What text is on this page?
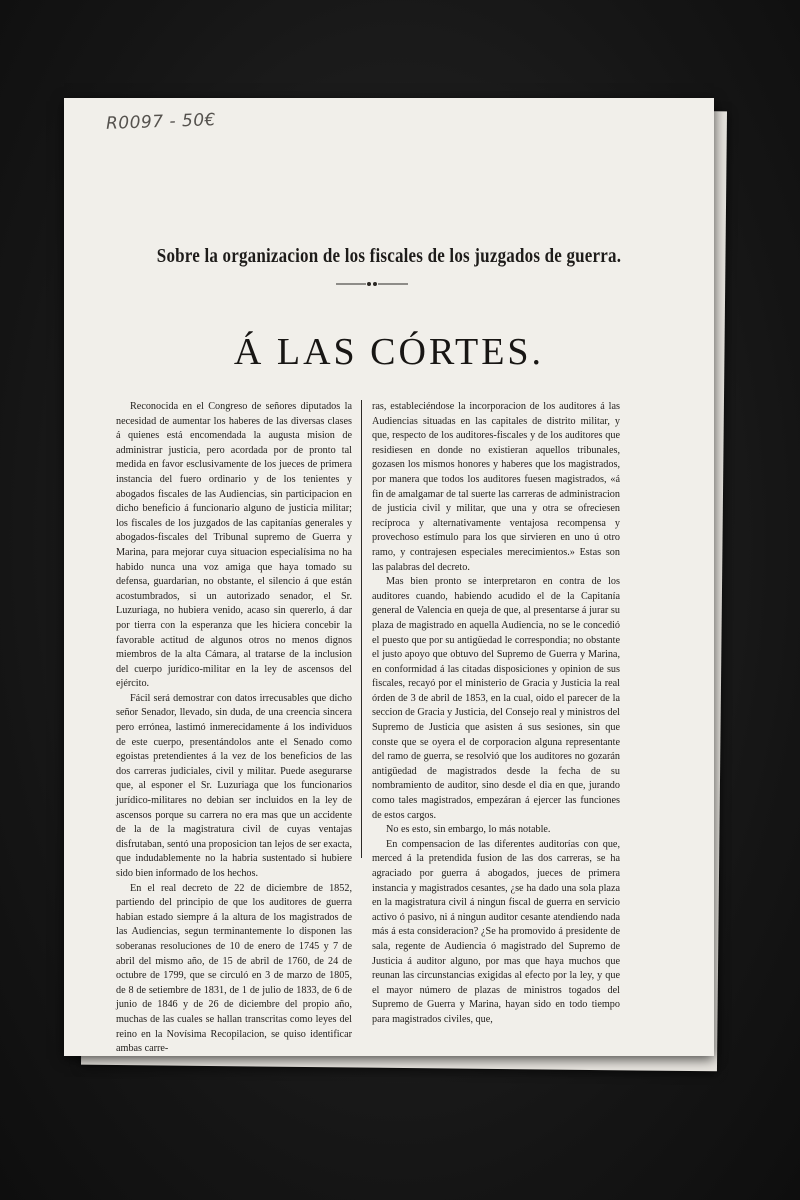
R0097 - 50€
Sobre la organizacion de los fiscales de los juzgados de guerra.
Á LAS CÓRTES.

Reconocida en el Congreso de señores diputados la necesidad de aumentar los haberes de las diversas clases á quienes está encomendada la augusta mision de administrar justicia, pero acordada por de pronto tal medida en favor esclusivamente de los jueces de primera instancia del fuero ordinario y de los tenientes y abogados fiscales de las Audiencias, sin participacion en dicho beneficio á funcionario alguno de justicia militar; los fiscales de los juzgados de las capitanías generales y abogados-fiscales del Tribunal supremo de Guerra y Marina, para mejorar cuya situacion especialísima no ha habido nunca una voz amiga que haya tomado su defensa, guardarian, no obstante, el silencio á que están acostumbrados, si un autorizado senador, el Sr. Luzuriaga, no hubiera venido, acaso sin quererlo, á dar por tierra con la esperanza que les hiciera concebir la favorable actitud de algunos otros no menos dignos miembros de la alta Cámara, al tratarse de la inclusion del cuerpo jurídico-militar en la ley de ascensos del ejército.

Fácil será demostrar con datos irrecusables que dicho señor Senador, llevado, sin duda, de una creencia sincera pero errónea, lastimó inmerecidamente á los individuos de este cuerpo, presentándolos ante el Senado como egoistas pretendientes á la vez de los beneficios de las dos carreras judiciales, civil y militar. Puede asegurarse que, al esponer el Sr. Luzuriaga que los funcionarios jurídico-militares no debian ser incluidos en la ley de ascensos porque su carrera no era mas que un accidente de la de la magistratura civil de cuyas ventajas disfrutaban, sentó una proposicion tan lejos de ser exacta, que indudablemente no la habria sustentado si hubiere sido bien informado de los hechos.

En el real decreto de 22 de diciembre de 1852, partiendo del principio de que los auditores de guerra habian estado siempre á la altura de los magistrados de las Audiencias, segun terminantemente lo disponen las soberanas resoluciones de 10 de enero de 1745 y 7 de abril del mismo año, de 15 de abril de 1760, de 24 de octubre de 1799, que se circuló en 3 de marzo de 1805, de 8 de setiembre de 1831, de 1 de julio de 1833, de 6 de junio de 1846 y de 26 de diciembre del propio año, muchas de las cuales se hallan transcritas como leyes del reino en la Novísima Recopilacion, se quiso identificar ambas carre-

ras, estableciéndose la incorporacion de los auditores á las Audiencias situadas en las capitales de distrito militar, y que, respecto de los auditores-fiscales y de los auditores que residiesen en donde no existieran aquellos tribunales, gozasen los mismos honores y haberes que los magistrados, por manera que todos los auditores fuesen magistrados, «á fin de amalgamar de tal suerte las carreras de administracion de justicia civil y militar, que una y otra se ofreciesen recíproca y alternativamente ventajosa recompensa y provechoso estímulo para los que sirvieren en uno ú otro ramo, y contrajesen especiales merecimientos.» Estas son las palabras del decreto.

Mas bien pronto se interpretaron en contra de los auditores cuando, habiendo acudido el de la Capitanía general de Valencia en queja de que, al presentarse á jurar su plaza de magistrado en aquella Audiencia, no se le concedió el puesto que por su antigüedad le correspondia; no obstante el justo apoyo que obtuvo del Supremo de Guerra y Marina, en conformidad á las citadas disposiciones y opinion de sus fiscales, recayó por el ministerio de Gracia y Justicia la real órden de 3 de abril de 1853, en la cual, oido el parecer de la seccion de Gracia y Justicia, del Consejo real y ministros del Supremo de Justicia que asisten á sus sesiones, sin que conste que se oyera el de corporacion alguna representante del ramo de guerra, se resolvió que los auditores no gozarán antigüedad de magistrados desde la fecha de su nombramiento de auditor, sino desde el dia en que, jurando como tales magistrados, empezáran á ejercer las funciones de estos cargos.

No es esto, sin embargo, lo más notable.

En compensacion de las diferentes auditorías con que, merced á la pretendida fusion de las dos carreras, se ha agraciado por guerra á abogados, jueces de primera instancia y magistrados cesantes, ¿se ha dado una sola plaza en la magistratura civil á ningun fiscal de guerra en servicio activo ó pasivo, ni á ningun auditor cesante atendiendo nada más á esta consideracion? ¿Se ha promovido á presidente de sala, regente de Audiencia ó magistrado del Supremo de Justicia á auditor alguno, por mas que haya muchos que reunan las circunstancias exigidas al efecto por la ley, y que el mayor número de plazas de ministros togados del Supremo de Guerra y Marina, hayan sido en todo tiempo para magistrados civiles, que,
